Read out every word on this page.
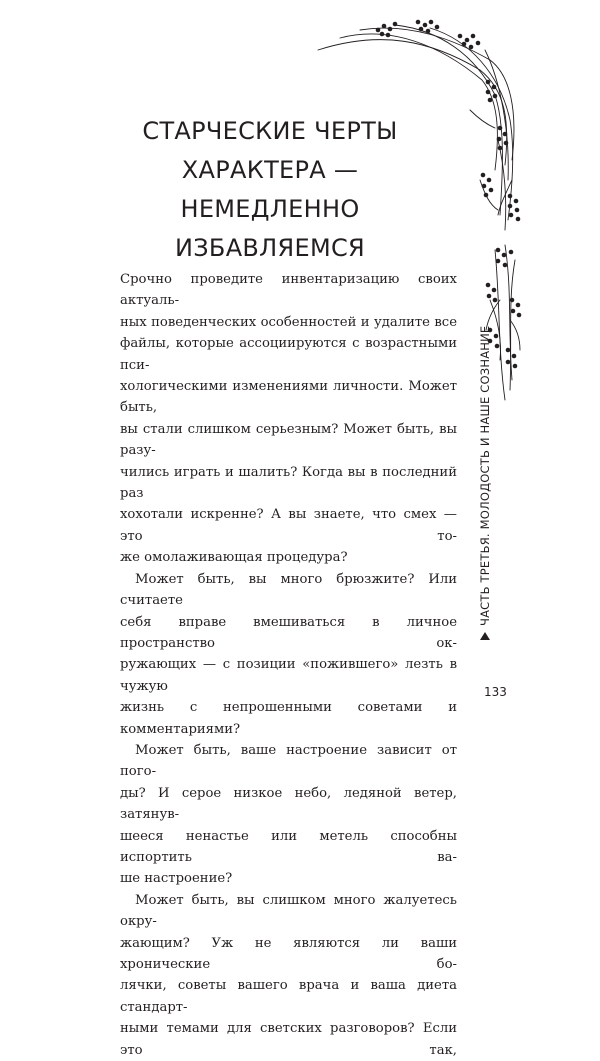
СТАРЧЕСКИЕ ЧЕРТЫ
ХАРАКТЕРА — НЕМЕДЛЕННО
ИЗБАВЛЯЕМСЯ

Срочно проведите инвентаризацию своих актуаль-

ных поведенческих особенностей и удалите все

файлы, которые ассоциируются с возрастными пси-

хологическими изменениями личности. Может быть,

вы стали слишком серьезным? Может быть, вы разу-

чились играть и шалить? Когда вы в последний раз

хохотали искренне? А вы знаете, что смех — это то-

же омолаживающая процедура?

Может быть, вы много брюзжите? Или считаете

себя вправе вмешиваться в личное пространство ок-

ружающих — с позиции «пожившего» лезть в чужую

жизнь с непрошенными советами и комментариями?

Может быть, ваше настроение зависит от пого-

ды? И серое низкое небо, ледяной ветер, затянув-

шееся ненастье или метель способны испортить ва-

ше настроение?

Может быть, вы слишком много жалуетесь окру-

жающим? Уж не являются ли ваши хронические бо-

лячки, советы вашего врача и ваша диета стандарт-

ными темами для светских разговоров? Если это так,

ЧАСТЬ ТРЕТЬЯ. МОЛОДОСТЬ И НАШЕ СОЗНАНИЕ
133
